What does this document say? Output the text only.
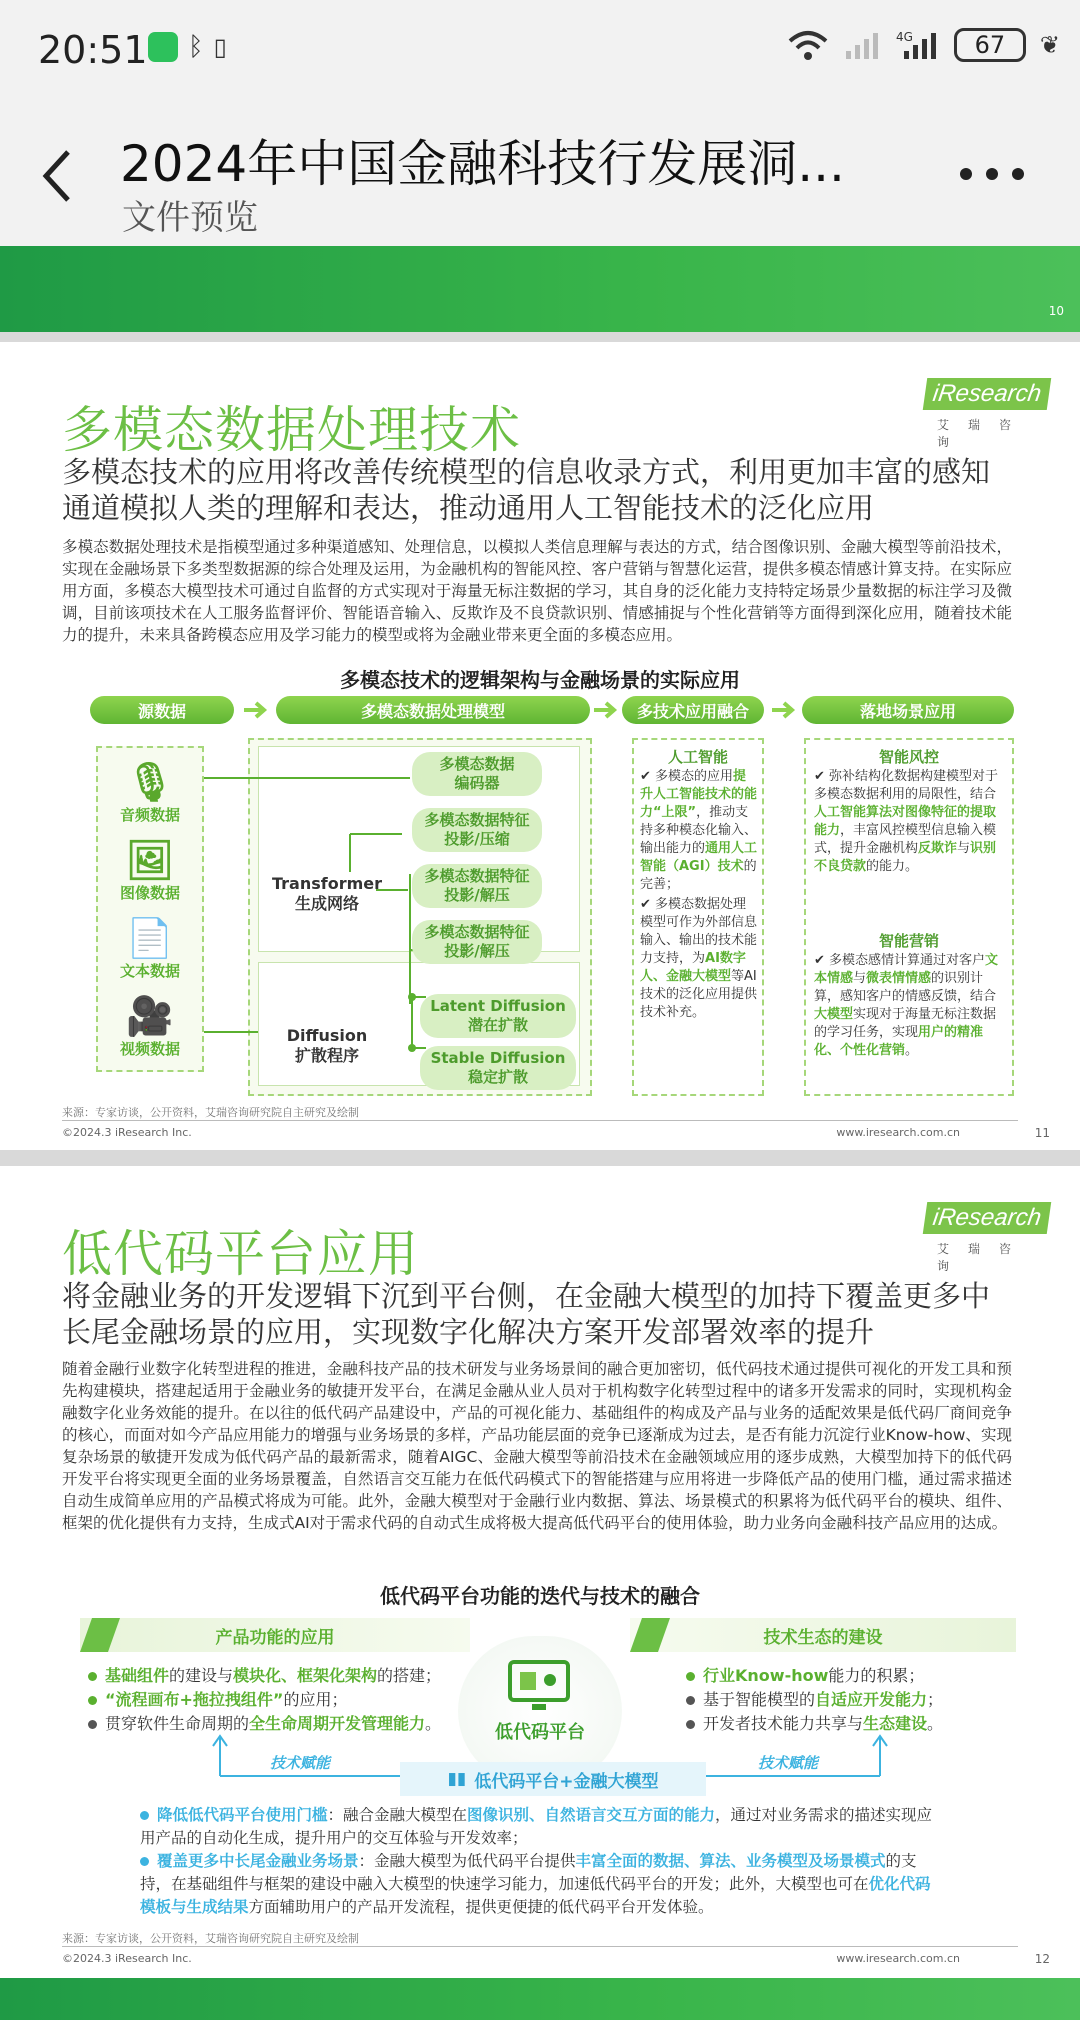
20:51 ᛒ ▯	4G	67	❦
2024年中国金融科技行发展洞...
文件预览
10
多模态数据处理技术
iResearch
艾瑞咨询
多模态技术的应用将改善传统模型的信息收录方式，利用更加丰富的感知通道模拟人类的理解和表达，推动通用人工智能技术的泛化应用
多模态数据处理技术是指模型通过多种渠道感知、处理信息，以模拟人类信息理解与表达的方式，结合图像识别、金融大模型等前沿技术，实现在金融场景下多类型数据源的综合处理及运用，为金融机构的智能风控、客户营销与智慧化运营，提供多模态情感计算支持。在实际应用方面，多模态大模型技术可通过自监督的方式实现对于海量无标注数据的学习，其自身的泛化能力支持特定场景少量数据的标注学习及微调，目前该项技术在人工服务监督评价、智能语音输入、反欺诈及不良贷款识别、情感捕捉与个性化营销等方面得到深化应用，随着技术能力的提升，未来具备跨模态应用及学习能力的模型或将为金融业带来更全面的多模态应用。
多模态技术的逻辑架构与金融场景的实际应用
源数据	多模态数据处理模型	多技术应用融合	落地场景应用
🎙
音频数据
🖼
图像数据
📄
文本数据
🎥
视频数据
多模态数据
编码器
多模态数据特征
投影/压缩
多模态数据特征
投影/解压
多模态数据特征
投影/解压
Transformer
生成网络
Diffusion
扩散程序
Latent Diffusion
潜在扩散
Stable Diffusion
稳定扩散
人工智能
✔ 多模态的应用提升人工智能技术的能力“上限”，推动支持多种模态化输入、输出能力的通用人工智能（AGI）技术的完善；
✔ 多模态数据处理模型可作为外部信息输入、输出的技术能力支持，为AI数字人、金融大模型等AI技术的泛化应用提供技术补充。
智能风控
✔ 弥补结构化数据构建模型对于多模态数据利用的局限性，结合人工智能算法对图像特征的提取能力，丰富风控模型信息输入模式，提升金融机构反欺诈与识别不良贷款的能力。
智能营销
✔ 多模态感情计算通过对客户文本情感与微表情情感的识别计算，感知客户的情感反馈，结合大模型实现对于海量无标注数据的学习任务，实现用户的精准化、个性化营销。
来源：专家访谈，公开资料，艾瑞咨询研究院自主研究及绘制
©2024.3 iResearch Inc.	www.iresearch.com.cn	11
低代码平台应用
iResearch
艾瑞咨询
将金融业务的开发逻辑下沉到平台侧，在金融大模型的加持下覆盖更多中长尾金融场景的应用，实现数字化解决方案开发部署效率的提升
随着金融行业数字化转型进程的推进，金融科技产品的技术研发与业务场景间的融合更加密切，低代码技术通过提供可视化的开发工具和预先构建模块，搭建起适用于金融业务的敏捷开发平台，在满足金融从业人员对于机构数字化转型过程中的诸多开发需求的同时，实现机构金融数字化业务效能的提升。在以往的低代码产品建设中，产品的可视化能力、基础组件的构成及产品与业务的适配效果是低代码厂商间竞争的核心，而面对如今产品应用能力的增强与业务场景的多样，产品功能层面的竞争已逐渐成为过去，是否有能力沉淀行业Know-how、实现复杂场景的敏捷开发成为低代码产品的最新需求，随着AIGC、金融大模型等前沿技术在金融领域应用的逐步成熟，大模型加持下的低代码开发平台将实现更全面的业务场景覆盖，自然语言交互能力在低代码模式下的智能搭建与应用将进一步降低产品的使用门槛，通过需求描述自动生成简单应用的产品模式将成为可能。此外，金融大模型对于金融行业内数据、算法、场景模式的积累将为低代码平台的模块、组件、框架的优化提供有力支持，生成式AI对于需求代码的自动式生成将极大提高低代码平台的使用体验，助力业务向金融科技产品应用的达成。
低代码平台功能的迭代与技术的融合
产品功能的应用	技术生态的建设
基础组件的建设与模块化、框架化架构的搭建；
“流程画布+拖拉拽组件”的应用；
贯穿软件生命周期的全生命周期开发管理能力。
行业Know-how能力的积累；
基于智能模型的自适应开发能力；
开发者技术能力共享与生态建设。
低代码平台
技术赋能	技术赋能
▮▮ 低代码平台+金融大模型
降低低代码平台使用门槛：融合金融大模型在图像识别、自然语言交互方面的能力，通过对业务需求的描述实现应用产品的自动化生成，提升用户的交互体验与开发效率；
覆盖更多中长尾金融业务场景：金融大模型为低代码平台提供丰富全面的数据、算法、业务模型及场景模式的支持，在基础组件与框架的建设中融入大模型的快速学习能力，加速低代码平台的开发；此外，大模型也可在优化代码模板与生成结果方面辅助用户的产品开发流程，提供更便捷的低代码平台开发体验。
来源：专家访谈，公开资料，艾瑞咨询研究院自主研究及绘制
©2024.3 iResearch Inc.	www.iresearch.com.cn	12
